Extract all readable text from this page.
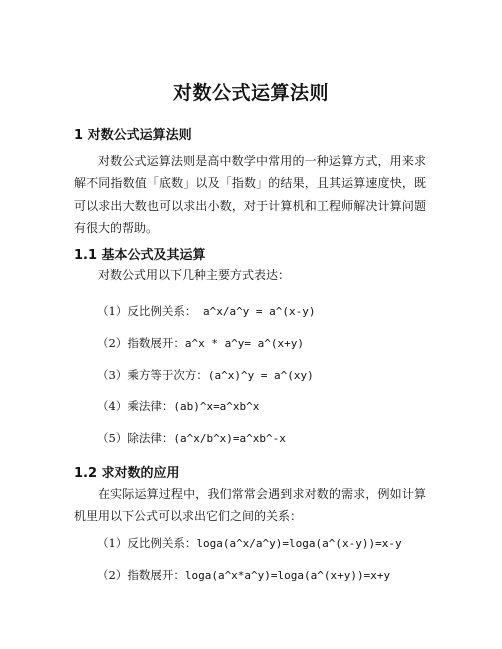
对数公式运算法则
1 对数公式运算法则
对数公式运算法则是高中数学中常用的一种运算方式，用来求解不同指数值「底数」以及「指数」的结果，且其运算速度快，既可以求出大数也可以求出小数，对于计算机和工程师解决计算问题有很大的帮助。
1.1 基本公式及其运算
对数公式用以下几种主要方式表达：
（1）反比例关系： a^x/a^y = a^(x-y)
（2）指数展开：a^x * a^y= a^(x+y)
（3）乘方等于次方：(a^x)^y = a^(xy)
（4）乘法律：(ab)^x=a^xb^x
（5）除法律：(a^x/b^x)=a^xb^-x
1.2 求对数的应用
在实际运算过程中，我们常常会遇到求对数的需求，例如计算机里用以下公式可以求出它们之间的关系：
（1）反比例关系：loga(a^x/a^y)=loga(a^(x-y))=x-y
（2）指数展开：loga(a^x*a^y)=loga(a^(x+y))=x+y
